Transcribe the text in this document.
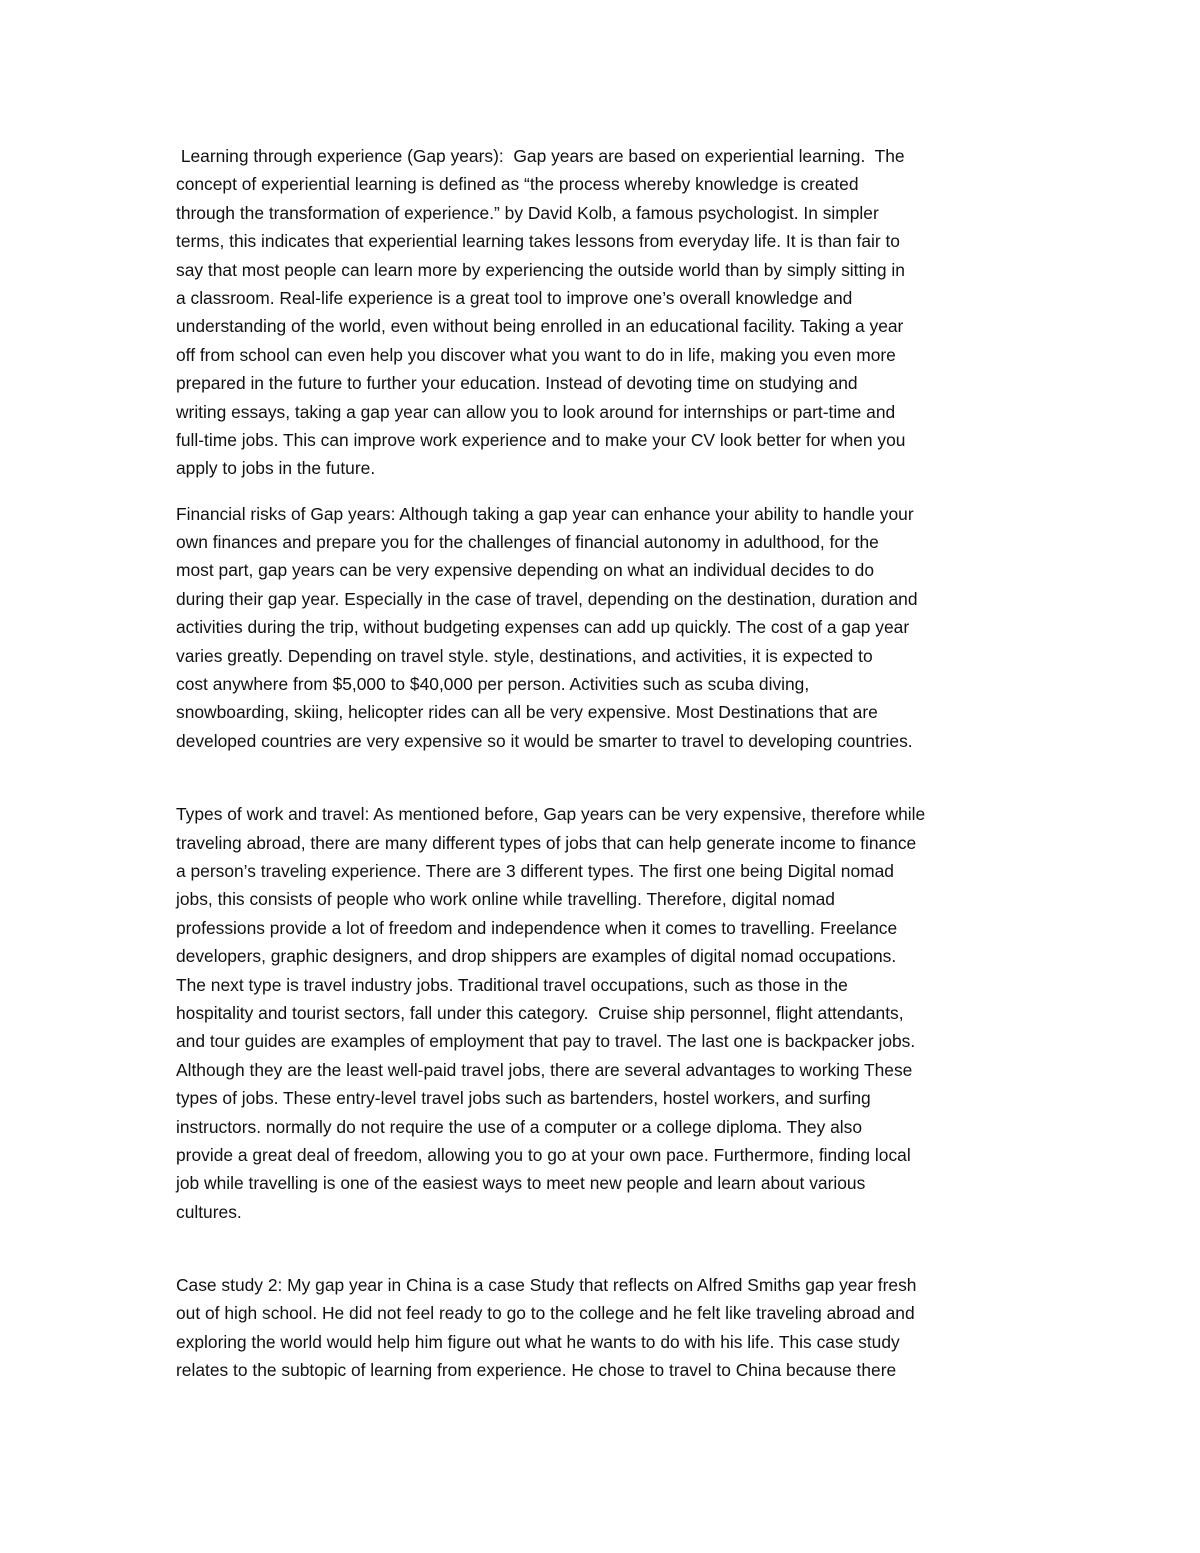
Learning through experience (Gap years):  Gap years are based on experiential learning.  The
concept of experiential learning is defined as “the process whereby knowledge is created
through the transformation of experience.” by David Kolb, a famous psychologist. In simpler
terms, this indicates that experiential learning takes lessons from everyday life. It is than fair to
say that most people can learn more by experiencing the outside world than by simply sitting in
a classroom. Real-life experience is a great tool to improve one’s overall knowledge and
understanding of the world, even without being enrolled in an educational facility. Taking a year
off from school can even help you discover what you want to do in life, making you even more
prepared in the future to further your education. Instead of devoting time on studying and
writing essays, taking a gap year can allow you to look around for internships or part-time and
full-time jobs. This can improve work experience and to make your CV look better for when you
apply to jobs in the future.
Financial risks of Gap years: Although taking a gap year can enhance your ability to handle your
own finances and prepare you for the challenges of financial autonomy in adulthood, for the
most part, gap years can be very expensive depending on what an individual decides to do
during their gap year. Especially in the case of travel, depending on the destination, duration and
activities during the trip, without budgeting expenses can add up quickly. The cost of a gap year
varies greatly. Depending on travel style. style, destinations, and activities, it is expected to
cost anywhere from $5,000 to $40,000 per person. Activities such as scuba diving,
snowboarding, skiing, helicopter rides can all be very expensive. Most Destinations that are
developed countries are very expensive so it would be smarter to travel to developing countries.
Types of work and travel: As mentioned before, Gap years can be very expensive, therefore while
traveling abroad, there are many different types of jobs that can help generate income to finance
a person’s traveling experience. There are 3 different types. The first one being Digital nomad
jobs, this consists of people who work online while travelling. Therefore, digital nomad
professions provide a lot of freedom and independence when it comes to travelling. Freelance
developers, graphic designers, and drop shippers are examples of digital nomad occupations.
The next type is travel industry jobs. Traditional travel occupations, such as those in the
hospitality and tourist sectors, fall under this category.  Cruise ship personnel, flight attendants,
and tour guides are examples of employment that pay to travel. The last one is backpacker jobs.
Although they are the least well-paid travel jobs, there are several advantages to working These
types of jobs. These entry-level travel jobs such as bartenders, hostel workers, and surfing
instructors. normally do not require the use of a computer or a college diploma. They also
provide a great deal of freedom, allowing you to go at your own pace. Furthermore, finding local
job while travelling is one of the easiest ways to meet new people and learn about various
cultures.
Case study 2: My gap year in China is a case Study that reflects on Alfred Smiths gap year fresh
out of high school. He did not feel ready to go to the college and he felt like traveling abroad and
exploring the world would help him figure out what he wants to do with his life. This case study
relates to the subtopic of learning from experience. He chose to travel to China because there
